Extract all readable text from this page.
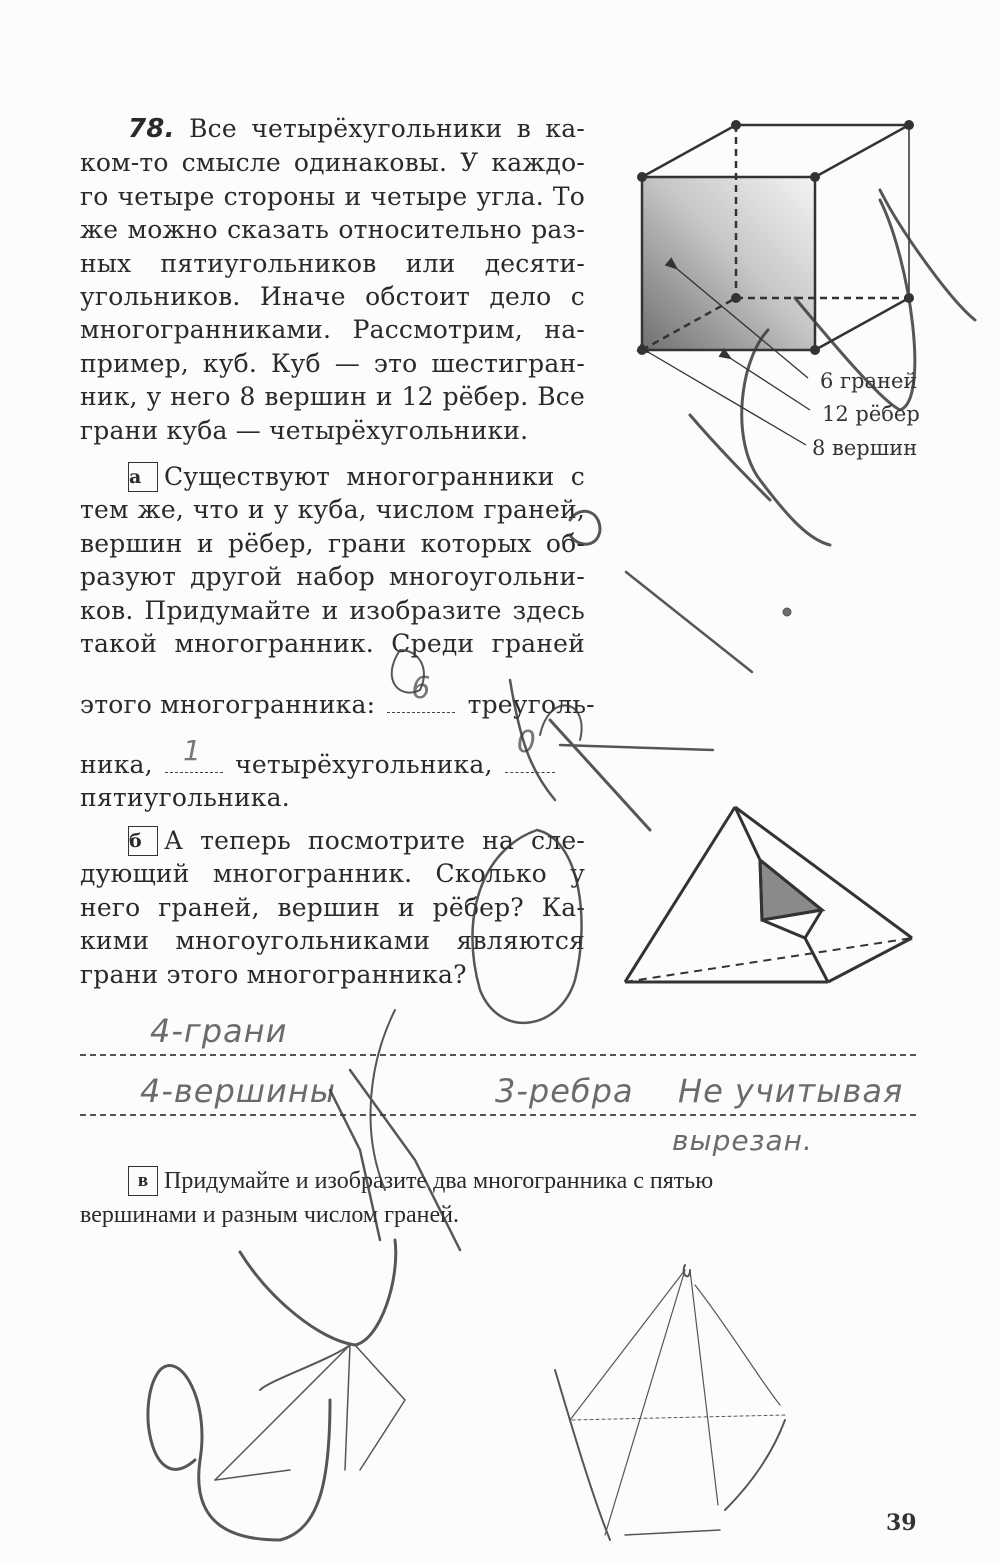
78. Все четырёхугольники в ка-
ком-то смысле одинаковы. У каждо-
го четыре стороны и четыре угла. То
же можно сказать относительно раз-
ных пятиугольников или десяти-
угольников. Иначе обстоит дело с
многогранниками. Рассмотрим, на-
пример, куб. Куб — это шестигран-
ник, у него 8 вершин и 12 рёбер. Все
грани куба — четырёхугольники.
а Существуют многогранники с
тем же, что и у куба, числом граней,
вершин и рёбер, грани которых об-
разуют другой набор многоугольни-
ков. Придумайте и изобразите здесь
такой многогранник. Среди граней
этого многогранника: 6 треуголь-
ника, 1 четырёхугольника,
0
пятиугольника.
б А теперь посмотрите на сле-
дующий многогранник. Сколько у
него граней, вершин и рёбер? Ка-
кими многоугольниками являются
грани этого многогранника?
4-грани
4-вершины	3-ребра Не учитывая
вырезан.
в Придумайте и изобразите два многогранника с пятью
вершинами и разным числом граней.
6 граней
12 рёбер
8 вершин
39
